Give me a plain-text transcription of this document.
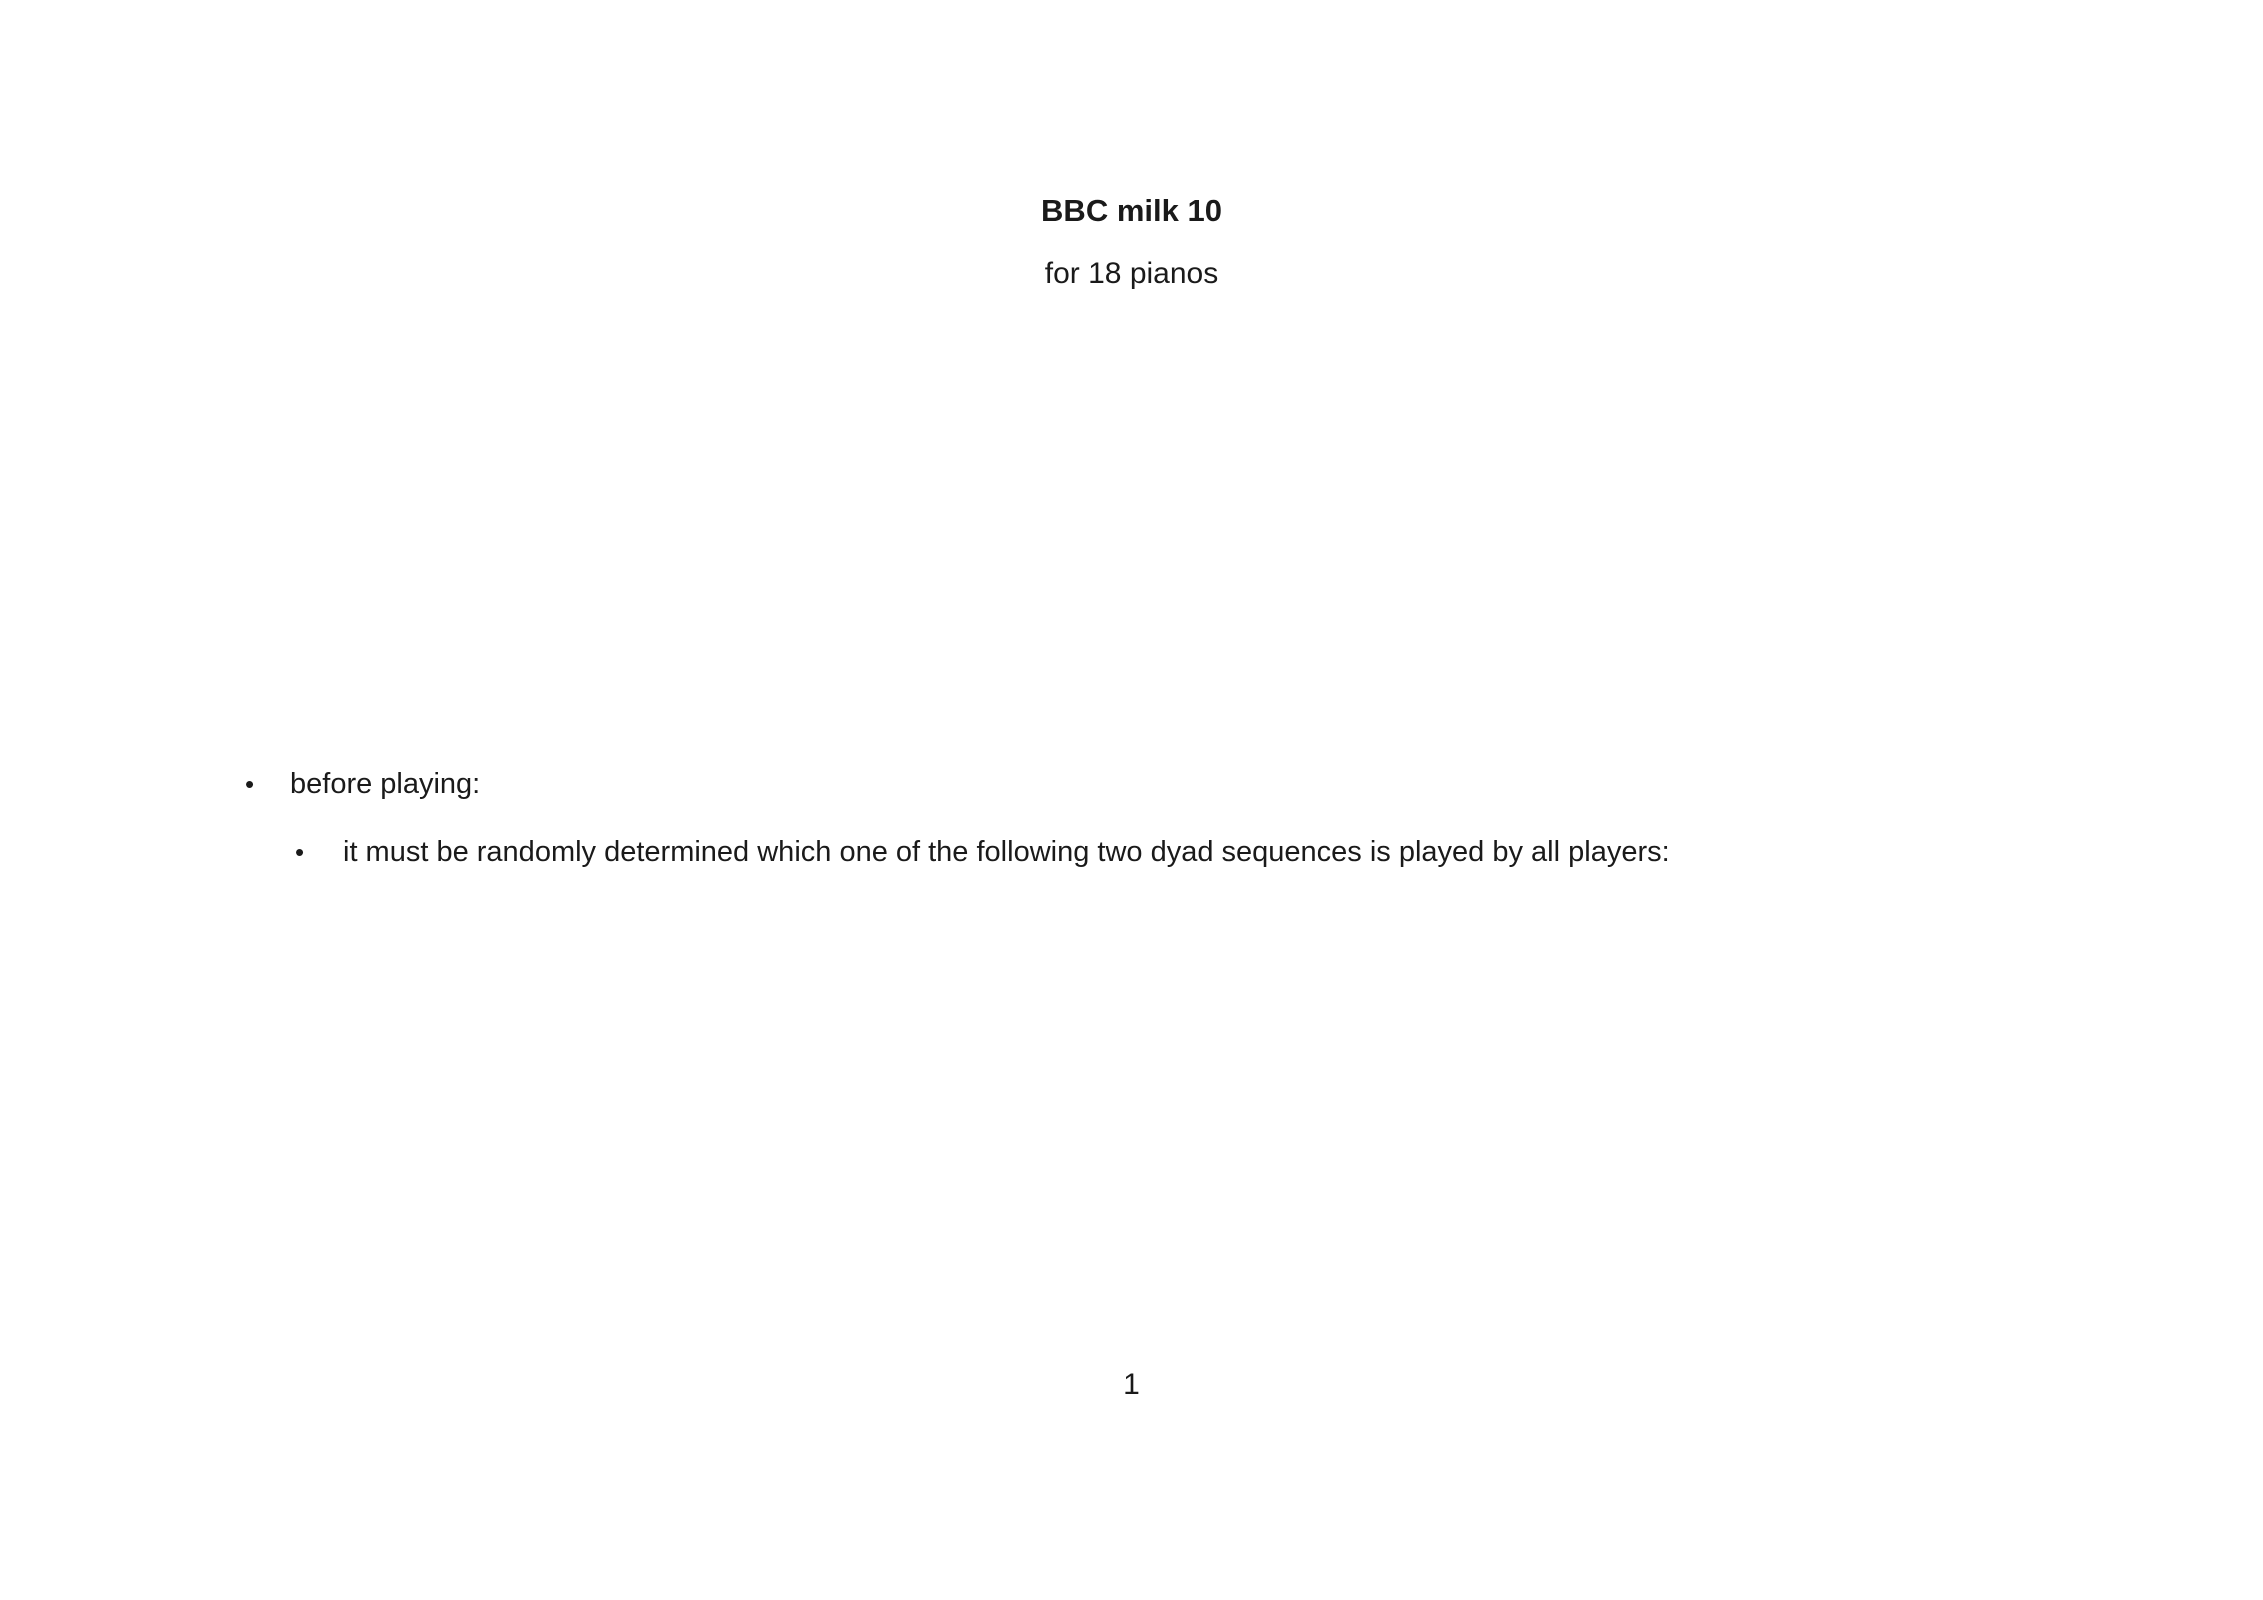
BBC milk 10
for 18 pianos
•	before playing:
•	it must be randomly determined which one of the following two dyad sequences is played by all players:
1
